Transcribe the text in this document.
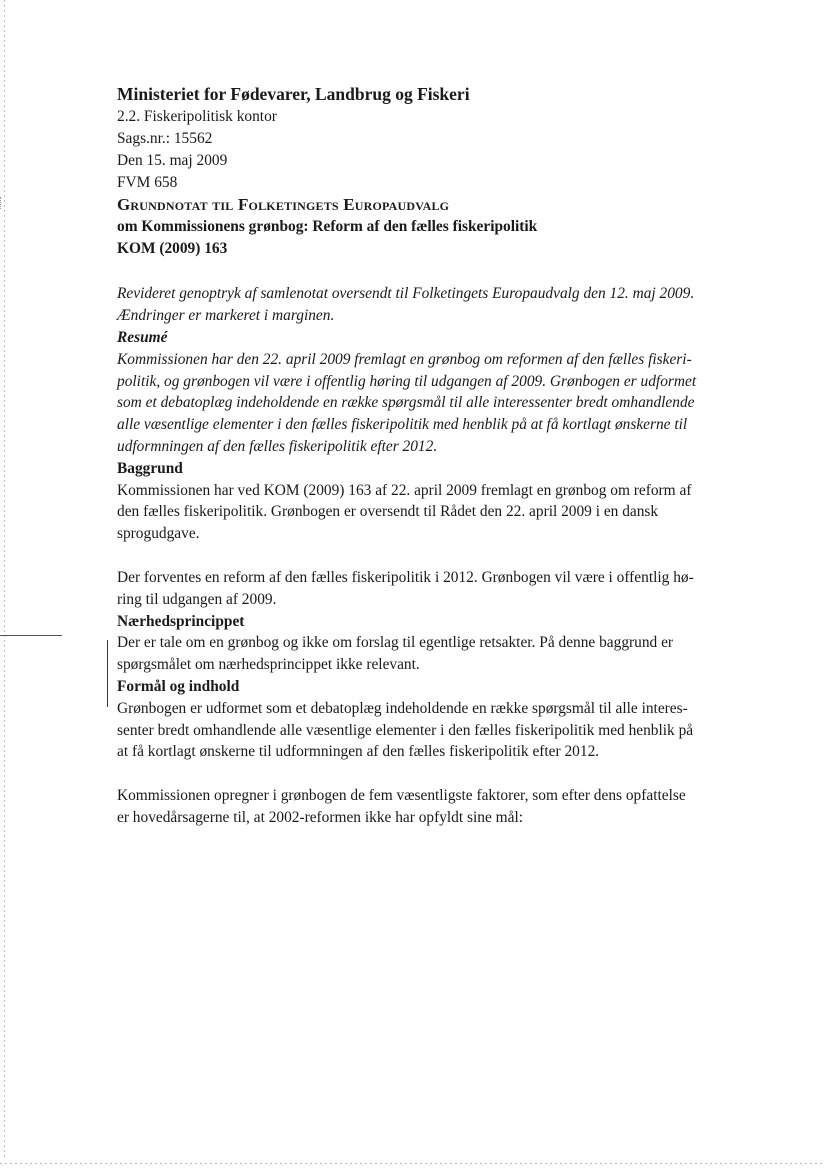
Ministeriet for Fødevarer, Landbrug og Fiskeri

2.2. Fiskeripolitisk kontor

Sags.nr.: 15562

Den 15. maj 2009

FVM 658

Grundnotat til Folketingets Europaudvalg

om Kommissionens grønbog: Reform af den fælles fiskeripolitik

KOM (2009) 163

Revideret genoptryk af samlenotat oversendt til Folketingets Europaudvalg den 12. maj 2009.

Ændringer er markeret i marginen.

Resumé

Kommissionen har den 22. april 2009 fremlagt en grønbog om reformen af den fælles fiskeri-

politik, og grønbogen vil være i offentlig høring til udgangen af 2009. Grønbogen er udformet

som et debatoplæg indeholdende en række spørgsmål til alle interessenter bredt omhandlende

alle væsentlige elementer i den fælles fiskeripolitik med henblik på at få kortlagt ønskerne til

udformningen af den fælles fiskeripolitik efter 2012.

Baggrund

Kommissionen har ved KOM (2009) 163 af 22. april 2009 fremlagt en grønbog om reform af

den fælles fiskeripolitik. Grønbogen er oversendt til Rådet den 22. april 2009 i en dansk

sprogudgave.

Der forventes en reform af den fælles fiskeripolitik i 2012. Grønbogen vil være i offentlig hø-

ring til udgangen af 2009.

Nærhedsprincippet

Der er tale om en grønbog og ikke om forslag til egentlige retsakter. På denne baggrund er

spørgsmålet om nærhedsprincippet ikke relevant.

Formål og indhold

Grønbogen er udformet som et debatoplæg indeholdende en række spørgsmål til alle interes-

senter bredt omhandlende alle væsentlige elementer i den fælles fiskeripolitik med henblik på

at få kortlagt ønskerne til udformningen af den fælles fiskeripolitik efter 2012.

Kommissionen opregner i grønbogen de fem væsentligste faktorer, som efter dens opfattelse

er hovedårsagerne til, at 2002-reformen ikke har opfyldt sine mål:
